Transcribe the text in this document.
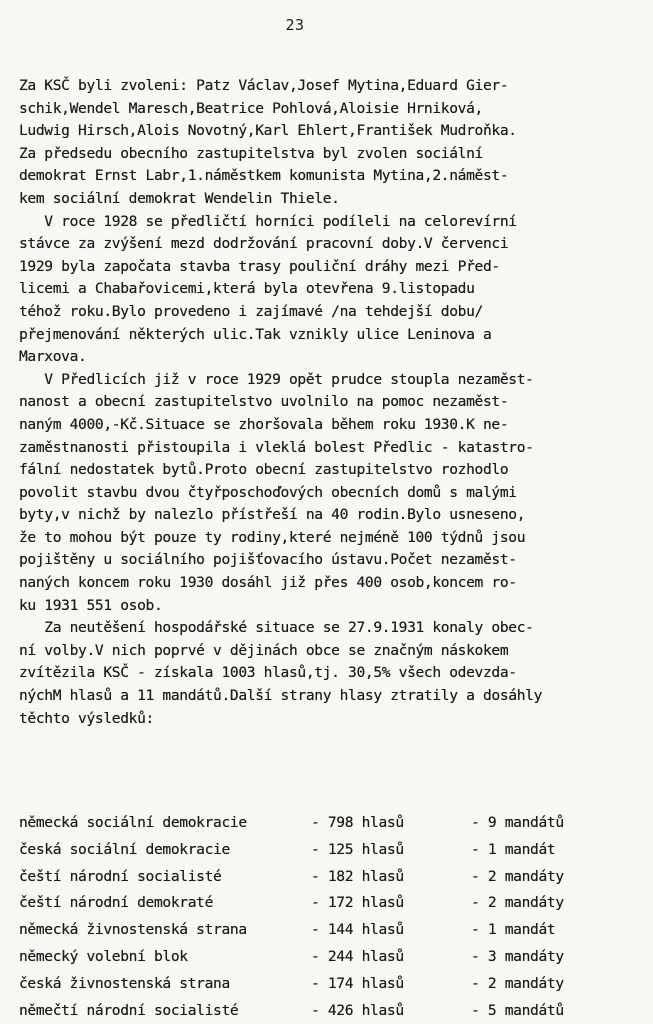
23
Za KSČ byli zvoleni: Patz Václav,Josef Mytina,Eduard Gier-
schik,Wendel Maresch,Beatrice Pohlová,Aloisie Hrniková,
Ludwig Hirsch,Alois Novotný,Karl Ehlert,František Mudroňka.
Za předsedu obecního zastupitelstva byl zvolen sociální
demokrat Ernst Labr,1.náměstkem komunista Mytina,2.náměst-
kem sociální demokrat Wendelin Thiele.
V roce 1928 se předličtí horníci podíleli na celorevírní
stávce za zvýšení mezd dodržování pracovní doby.V červenci
1929 byla započata stavba trasy pouliční dráhy mezi Před-
licemi a Chabařovicemi,která byla otevřena 9.listopadu
téhož roku.Bylo provedeno i zajímavé /na tehdejší dobu/
přejmenování některých ulic.Tak vznikly ulice Leninova a
Marxova.
V Předlicích již v roce 1929 opět prudce stoupla nezaměst-
nanost a obecní zastupitelstvo uvolnilo na pomoc nezaměst-
naným 4000,-Kč.Situace se zhoršovala během roku 1930.K ne-
zaměstnanosti přistoupila i vleklá bolest Předlic - katastro-
fální nedostatek bytů.Proto obecní zastupitelstvo rozhodlo
povolit stavbu dvou čtyřposchoďových obecních domů s malými
byty,v nichž by nalezlo přístřeší na 40 rodin.Bylo usneseno,
že to mohou být pouze ty rodiny,které nejméně 100 týdnů jsou
pojištěny u sociálního pojišťovacího ústavu.Počet nezaměst-
naných koncem roku 1930 dosáhl již přes 400 osob,koncem ro-
ku 1931 551 osob.
Za neutěšení hospodářské situace se 27.9.1931 konaly obec-
ní volby.V nich poprvé v dějinách obce se značným náskokem
zvítězila KSČ - získala 1003 hlasů,tj. 30,5% všech odevzda-
nýchM hlasů a 11 mandátů.Další strany hlasy ztratily a dosáhly
těchto výsledků:
německá sociální demokracie	- 798 hlasů	- 9 mandátů
česká sociální demokracie	- 125 hlasů	- 1 mandát
čeští národní socialisté	- 182 hlasů	- 2 mandáty
čeští národní demokraté	- 172 hlasů	- 2 mandáty
německá živnostenská strana	- 144 hlasů	- 1 mandát
německý volební blok	- 244 hlasů	- 3 mandáty
česká živnostenská strana	- 174 hlasů	- 2 mandáty
němečtí národní socialisté	- 426 hlasů	- 5 mandátů
